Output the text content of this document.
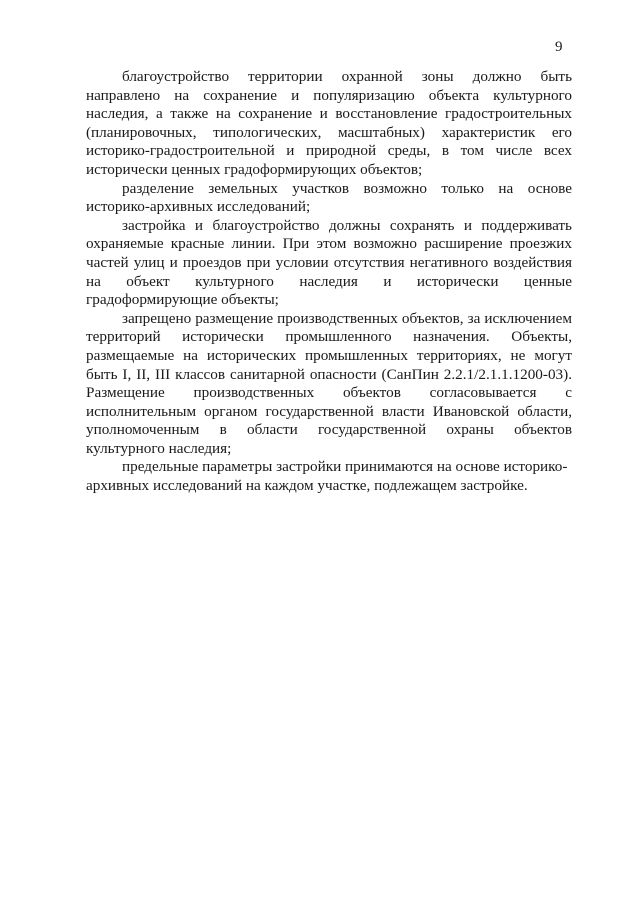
9

благоустройство территории охранной зоны должно быть направлено на сохранение и популяризацию объекта культурного наследия, а также на сохранение и восстановление градостроительных (планировочных, типологических, масштабных) характеристик его историко-градостроительной и природной среды, в том числе всех исторически ценных градоформирующих объектов;

разделение земельных участков возможно только на основе историко-архивных исследований;

застройка и благоустройство должны сохранять и поддерживать охраняемые красные линии. При этом возможно расширение проезжих частей улиц и проездов при условии отсутствия негативного воздействия на объект культурного наследия и исторически ценные градоформирующие объекты;

запрещено размещение производственных объектов, за исключением территорий исторически промышленного назначения. Объекты, размещаемые на исторических промышленных территориях, не могут быть I, II, III классов санитарной опасности (СанПин 2.2.1/2.1.1.1200-03). Размещение производственных объектов согласовывается с исполнительным органом государственной власти Ивановской области, уполномоченным в области государственной охраны объектов культурного наследия;

предельные параметры застройки принимаются на основе историко-архивных исследований на каждом участке, подлежащем застройке.
